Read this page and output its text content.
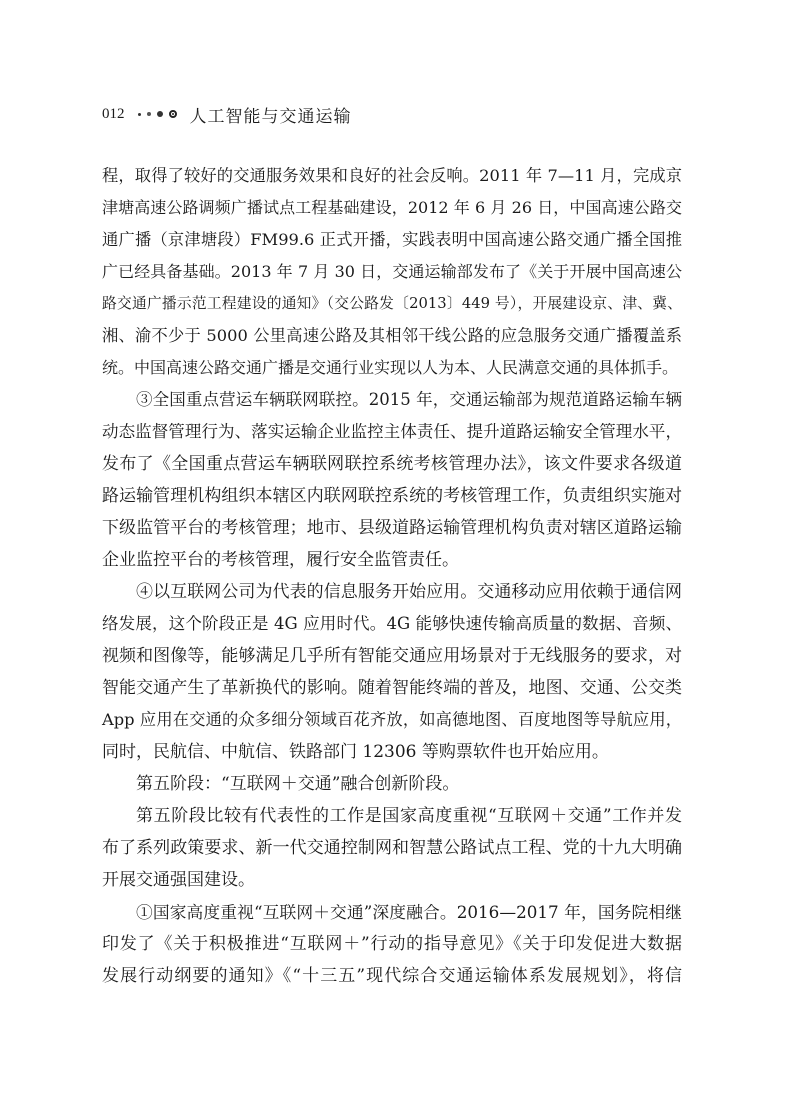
012	人工智能与交通运输
程，取得了较好的交通服务效果和良好的社会反响。2011 年 7—11 月，完成京
津塘高速公路调频广播试点工程基础建设，2012 年 6 月 26 日，中国高速公路交
通广播（京津塘段）FM99.6 正式开播，实践表明中国高速公路交通广播全国推
广已经具备基础。2013 年 7 月 30 日，交通运输部发布了《关于开展中国高速公
路交通广播示范工程建设的通知》（交公路发〔2013〕449 号），开展建设京、津、冀、
湘、渝不少于 5000 公里高速公路及其相邻干线公路的应急服务交通广播覆盖系
统。中国高速公路交通广播是交通行业实现以人为本、人民满意交通的具体抓手。
③全国重点营运车辆联网联控。2015 年，交通运输部为规范道路运输车辆
动态监督管理行为、落实运输企业监控主体责任、提升道路运输安全管理水平，
发布了《全国重点营运车辆联网联控系统考核管理办法》，该文件要求各级道
路运输管理机构组织本辖区内联网联控系统的考核管理工作，负责组织实施对
下级监管平台的考核管理；地市、县级道路运输管理机构负责对辖区道路运输
企业监控平台的考核管理，履行安全监管责任。
④以互联网公司为代表的信息服务开始应用。交通移动应用依赖于通信网
络发展，这个阶段正是 4G 应用时代。4G 能够快速传输高质量的数据、音频、
视频和图像等，能够满足几乎所有智能交通应用场景对于无线服务的要求，对
智能交通产生了革新换代的影响。随着智能终端的普及，地图、交通、公交类
App 应用在交通的众多细分领域百花齐放，如高德地图、百度地图等导航应用，
同时，民航信、中航信、铁路部门 12306 等购票软件也开始应用。
第五阶段：“互联网＋交通”融合创新阶段。
第五阶段比较有代表性的工作是国家高度重视“互联网＋交通”工作并发
布了系列政策要求、新一代交通控制网和智慧公路试点工程、党的十九大明确
开展交通强国建设。
①国家高度重视“互联网＋交通”深度融合。2016—2017 年，国务院相继
印发了《关于积极推进“互联网＋”行动的指导意见》《关于印发促进大数据
发展行动纲要的通知》《“十三五”现代综合交通运输体系发展规划》，将信
